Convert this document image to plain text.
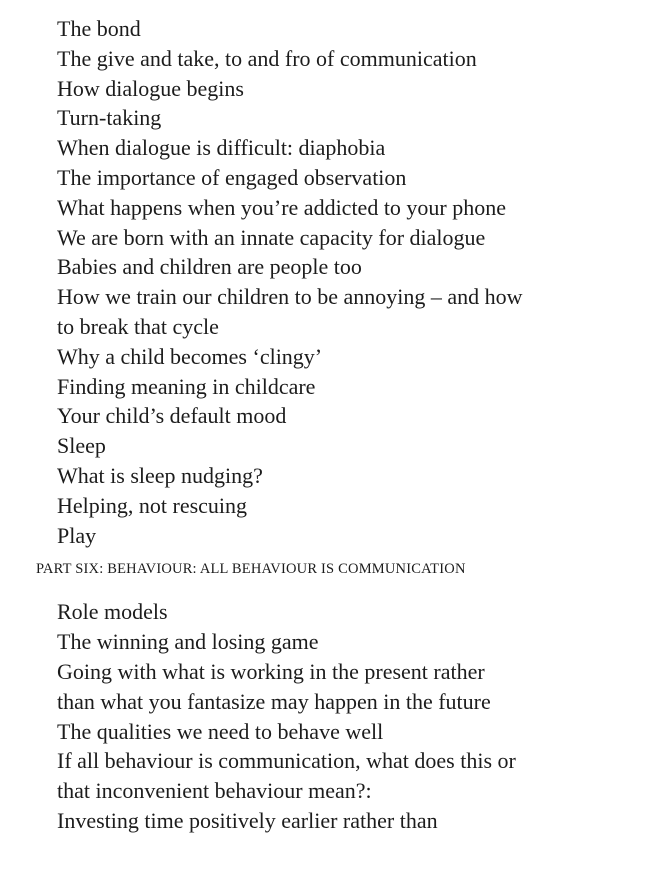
The bond
The give and take, to and fro of communication
How dialogue begins
Turn-taking
When dialogue is difficult: diaphobia
The importance of engaged observation
What happens when you’re addicted to your phone
We are born with an innate capacity for dialogue
Babies and children are people too
How we train our children to be annoying – and how
to break that cycle
Why a child becomes ‘clingy’
Finding meaning in childcare
Your child’s default mood
Sleep
What is sleep nudging?
Helping, not rescuing
Play
PART SIX: BEHAVIOUR: ALL BEHAVIOUR IS COMMUNICATION
Role models
The winning and losing game
Going with what is working in the present rather
than what you fantasize may happen in the future
The qualities we need to behave well
If all behaviour is communication, what does this or
that inconvenient behaviour mean?:
Investing time positively earlier rather than
